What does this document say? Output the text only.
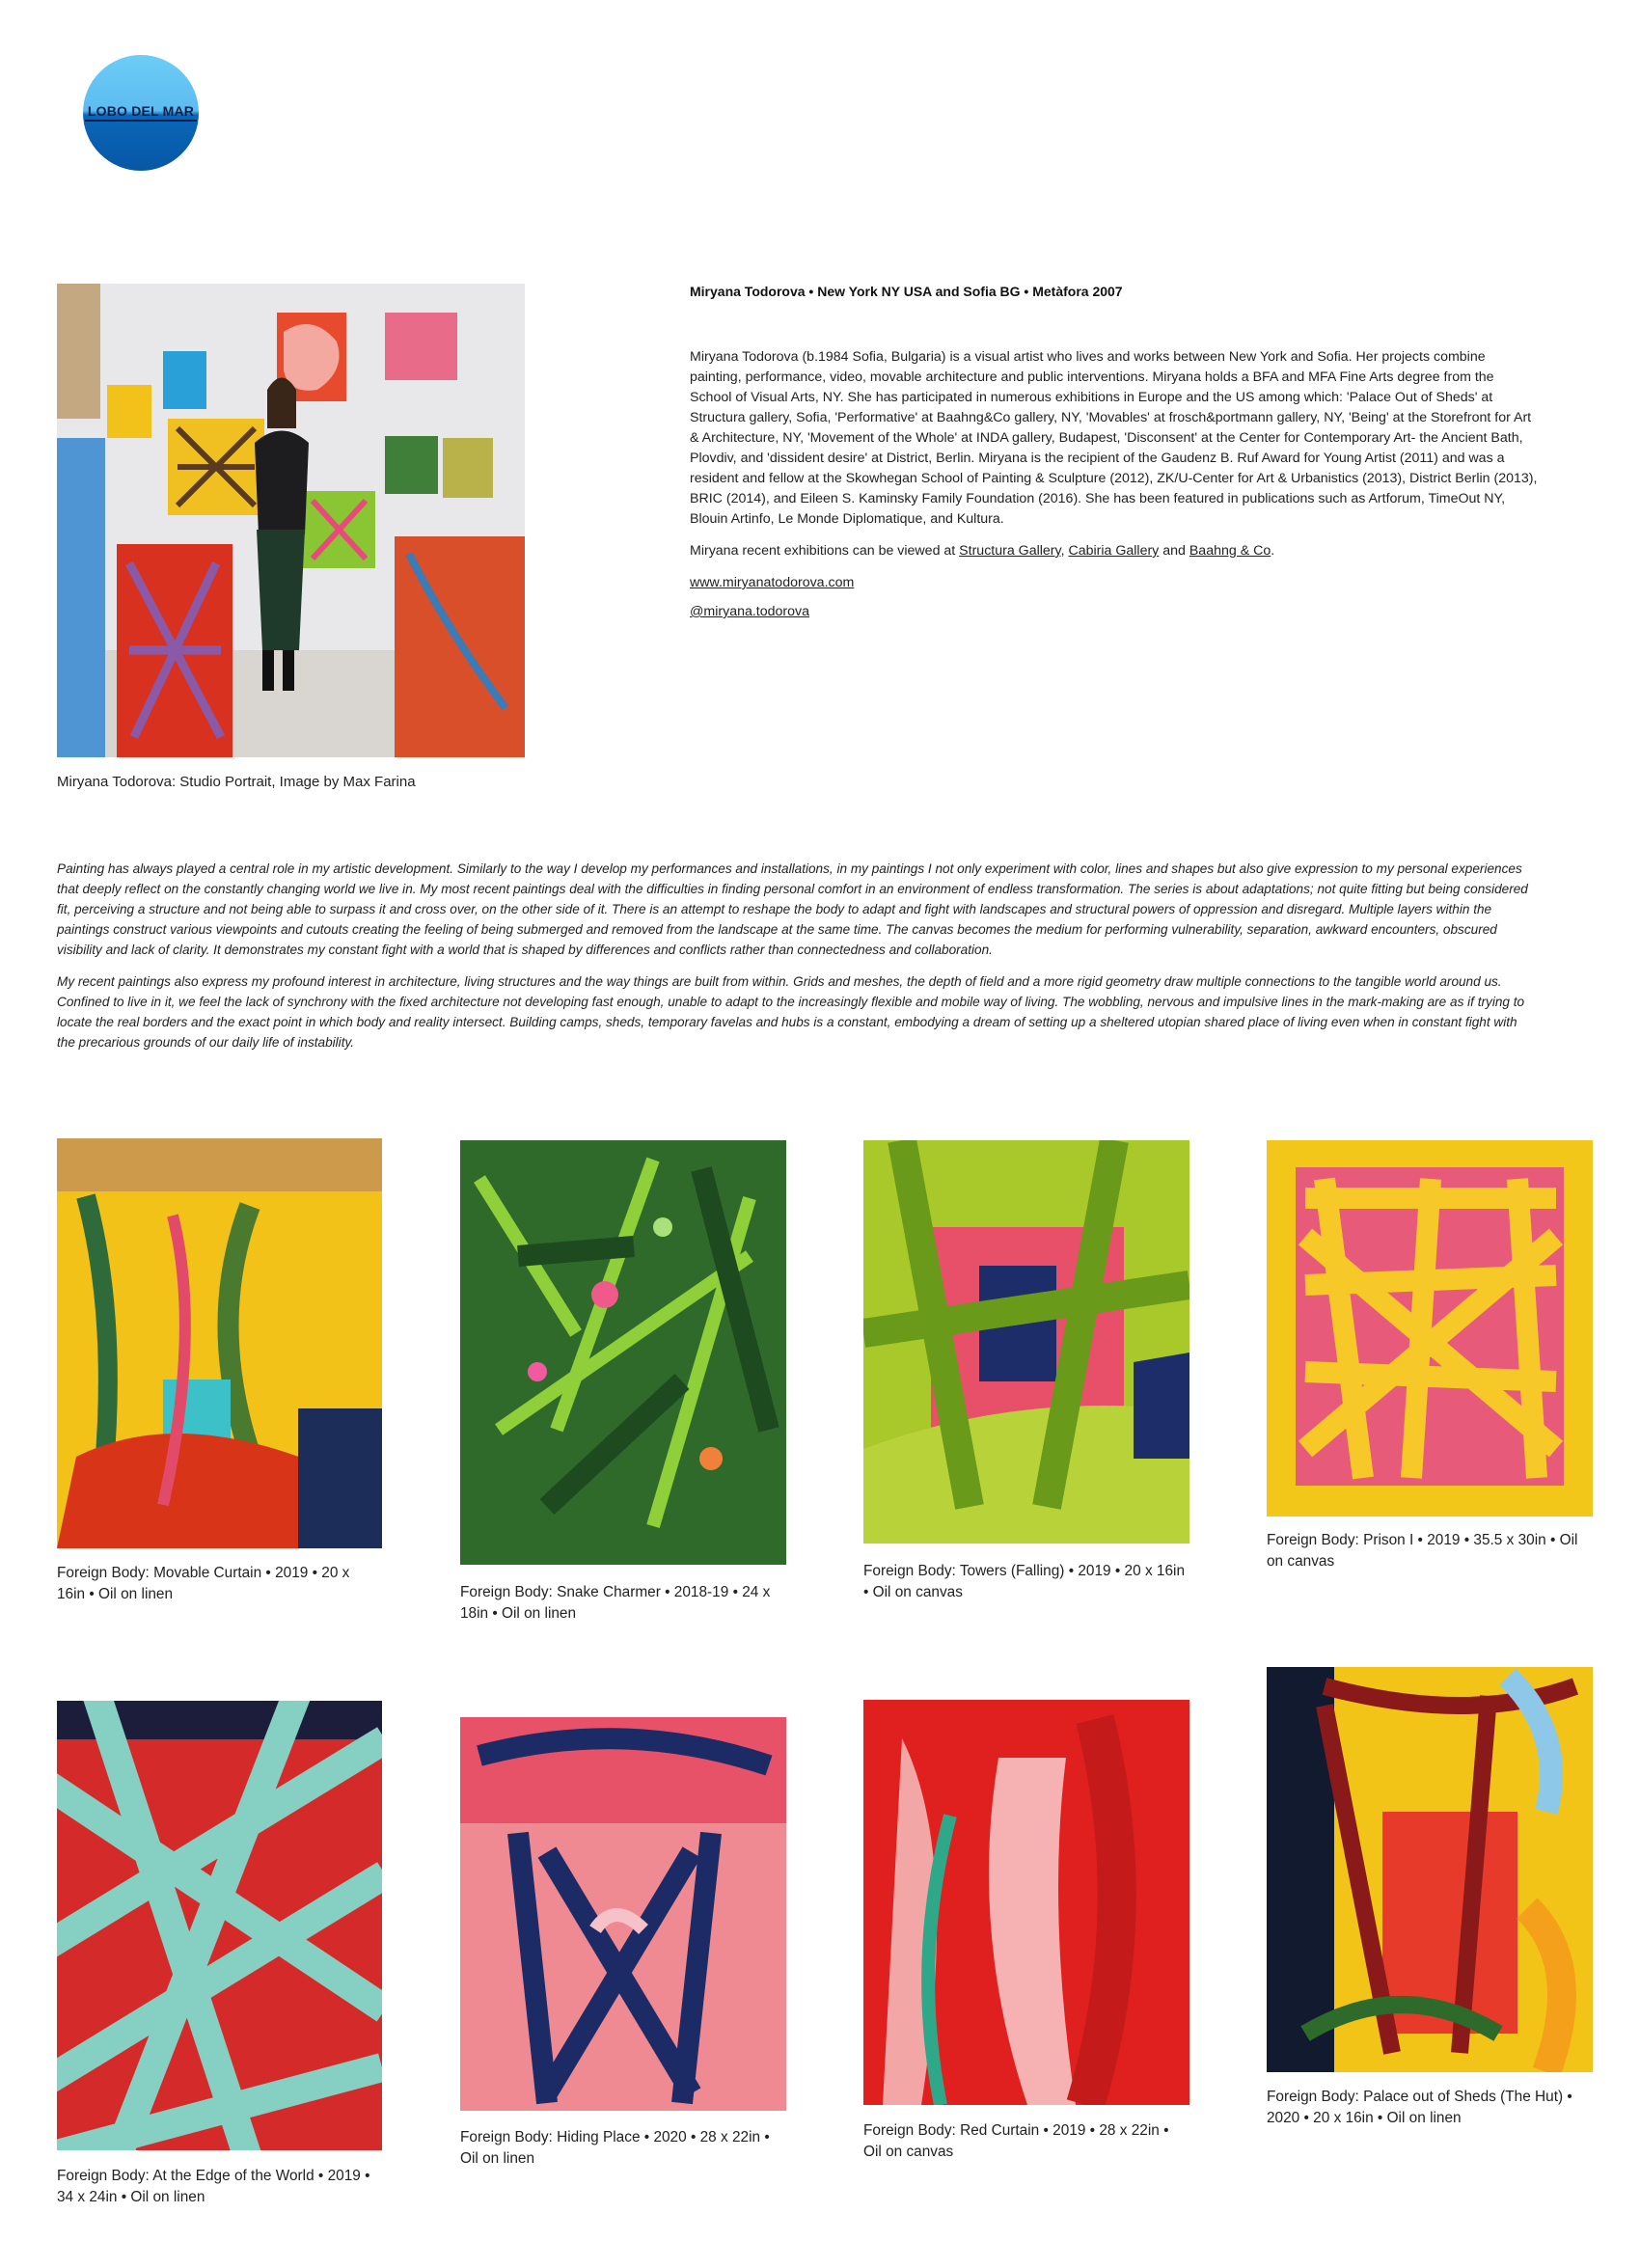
LOBO DEL MAR
Miryana Todorova: Studio Portrait, Image by Max Farina
Miryana Todorova • New York NY USA and Sofia BG • Metàfora 2007

Miryana Todorova (b.1984 Sofia, Bulgaria) is a visual artist who lives and works between New York and Sofia. Her projects combine painting, performance, video, movable architecture and public interventions. Miryana holds a BFA and MFA Fine Arts degree from the School of Visual Arts, NY. She has participated in numerous exhibitions in Europe and the US among which: 'Palace Out of Sheds' at Structura gallery, Sofia, 'Performative' at Baahng&Co gallery, NY, 'Movables' at frosch&portmann gallery, NY, 'Being' at the Storefront for Art & Architecture, NY, 'Movement of the Whole' at INDA gallery, Budapest, 'Disconsent' at the Center for Contemporary Art- the Ancient Bath, Plovdiv, and 'dissident desire' at District, Berlin. Miryana is the recipient of the Gaudenz B. Ruf Award for Young Artist (2011) and was a resident and fellow at the Skowhegan School of Painting & Sculpture (2012), ZK/U-Center for Art & Urbanistics (2013), District Berlin (2013), BRIC (2014), and Eileen S. Kaminsky Family Foundation (2016). She has been featured in publications such as Artforum, TimeOut NY, Blouin Artinfo, Le Monde Diplomatique, and Kultura.

Miryana recent exhibitions can be viewed at Structura Gallery, Cabiria Gallery and Baahng & Co.

www.miryanatodorova.com
@miryana.todorova

Painting has always played a central role in my artistic development. Similarly to the way I develop my performances and installations, in my paintings I not only experiment with color, lines and shapes but also give expression to my personal experiences that deeply reflect on the constantly changing world we live in. My most recent paintings deal with the difficulties in finding personal comfort in an environment of endless transformation. The series is about adaptations; not quite fitting but being considered fit, perceiving a structure and not being able to surpass it and cross over, on the other side of it. There is an attempt to reshape the body to adapt and fight with landscapes and structural powers of oppression and disregard. Multiple layers within the paintings construct various viewpoints and cutouts creating the feeling of being submerged and removed from the landscape at the same time. The canvas becomes the medium for performing vulnerability, separation, awkward encounters, obscured visibility and lack of clarity. It demonstrates my constant fight with a world that is shaped by differences and conflicts rather than connectedness and collaboration.

My recent paintings also express my profound interest in architecture, living structures and the way things are built from within. Grids and meshes, the depth of field and a more rigid geometry draw multiple connections to the tangible world around us. Confined to live in it, we feel the lack of synchrony with the fixed architecture not developing fast enough, unable to adapt to the increasingly flexible and mobile way of living. The wobbling, nervous and impulsive lines in the mark-making are as if trying to locate the real borders and the exact point in which body and reality intersect. Building camps, sheds, temporary favelas and hubs is a constant, embodying a dream of setting up a sheltered utopian shared place of living even when in constant fight with the precarious grounds of our daily life of instability.

Foreign Body: Movable Curtain • 2019 • 20 x 16in • Oil on linen	Foreign Body: Snake Charmer • 2018-19 • 24 x 18in • Oil on linen
Foreign Body: Towers (Falling) • 2019 • 20 x 16in • Oil on canvas
Foreign Body: Prison I • 2019 • 35.5 x 30in • Oil on canvas
Foreign Body: At the Edge of the World • 2019 • 34 x 24in • Oil on linen
Foreign Body: Hiding Place • 2020 • 28 x 22in • Oil on linen
Foreign Body: Red Curtain • 2019 • 28 x 22in • Oil on canvas
Foreign Body: Palace out of Sheds (The Hut) • 2020 • 20 x 16in • Oil on linen
